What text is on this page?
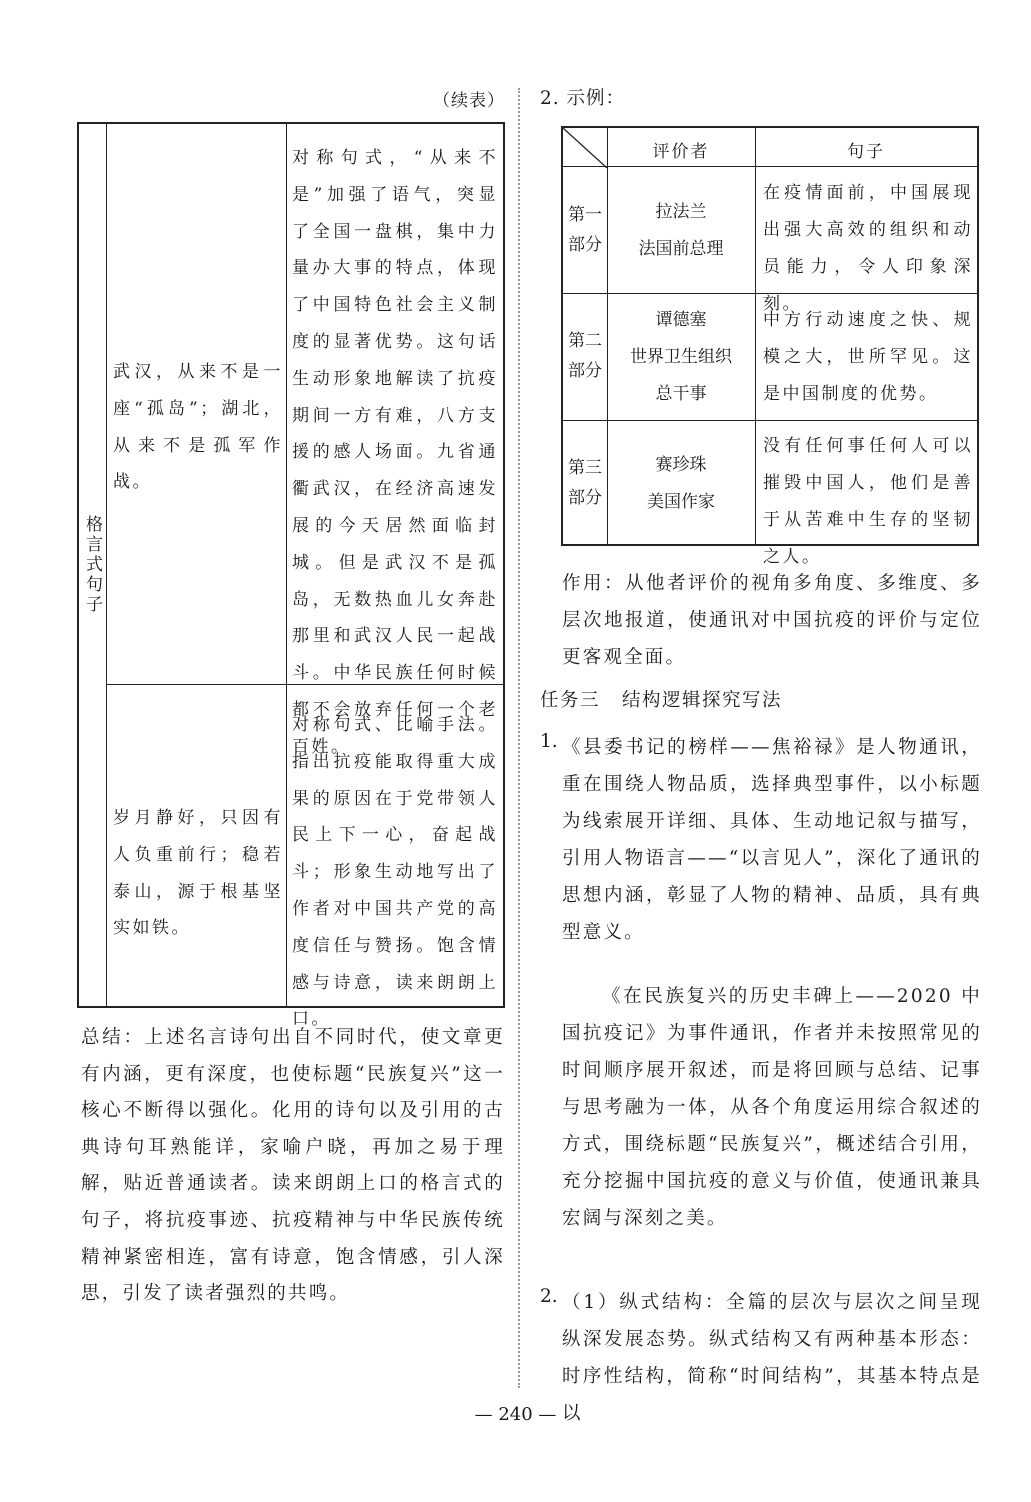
（续表）
格言式句子
武汉，从来不是一座“孤岛”；湖北，从来不是孤军作战。
对称句式，“从来不是”加强了语气，突显了全国一盘棋，集中力量办大事的特点，体现了中国特色社会主义制度的显著优势。这句话生动形象地解读了抗疫期间一方有难，八方支援的感人场面。九省通衢武汉，在经济高速发展的今天居然面临封城。但是武汉不是孤岛，无数热血儿女奔赴那里和武汉人民一起战斗。中华民族任何时候都不会放弃任何一个老百姓。
岁月静好，只因有人负重前行；稳若泰山，源于根基坚实如铁。
对称句式、比喻手法。指出抗疫能取得重大成果的原因在于党带领人民上下一心，奋起战斗；形象生动地写出了作者对中国共产党的高度信任与赞扬。饱含情感与诗意，读来朗朗上口。
总结：上述名言诗句出自不同时代，使文章更有内涵，更有深度，也使标题“民族复兴”这一核心不断得以强化。化用的诗句以及引用的古典诗句耳熟能详，家喻户晓，再加之易于理解，贴近普通读者。读来朗朗上口的格言式的句子，将抗疫事迹、抗疫精神与中华民族传统精神紧密相连，富有诗意，饱含情感，引人深思，引发了读者强烈的共鸣。
2. 示例：
评价者	句子
第一部分
拉法兰
法国前总理
在疫情面前，中国展现出强大高效的组织和动员能力，令人印象深刻。
第二部分
谭德塞
世界卫生组织
总干事
中方行动速度之快、规模之大，世所罕见。这是中国制度的优势。
第三部分
赛珍珠
美国作家
没有任何事任何人可以摧毁中国人，他们是善于从苦难中生存的坚韧之人。
作用：从他者评价的视角多角度、多维度、多层次地报道，使通讯对中国抗疫的评价与定位更客观全面。
任务三 结构逻辑探究写法
1. 《县委书记的榜样——焦裕禄》是人物通讯，重在围绕人物品质，选择典型事件，以小标题为线索展开详细、具体、生动地记叙与描写，引用人物语言——“以言见人”，深化了通讯的思想内涵，彰显了人物的精神、品质，具有典型意义。
《在民族复兴的历史丰碑上——2020 中国抗疫记》为事件通讯，作者并未按照常见的时间顺序展开叙述，而是将回顾与总结、记事与思考融为一体，从各个角度运用综合叙述的方式，围绕标题“民族复兴”，概述结合引用，充分挖掘中国抗疫的意义与价值，使通讯兼具宏阔与深刻之美。
2. （1）纵式结构：全篇的层次与层次之间呈现纵深发展态势。纵式结构又有两种基本形态：时序性结构，简称“时间结构”，其基本特点是以
— 240 —
